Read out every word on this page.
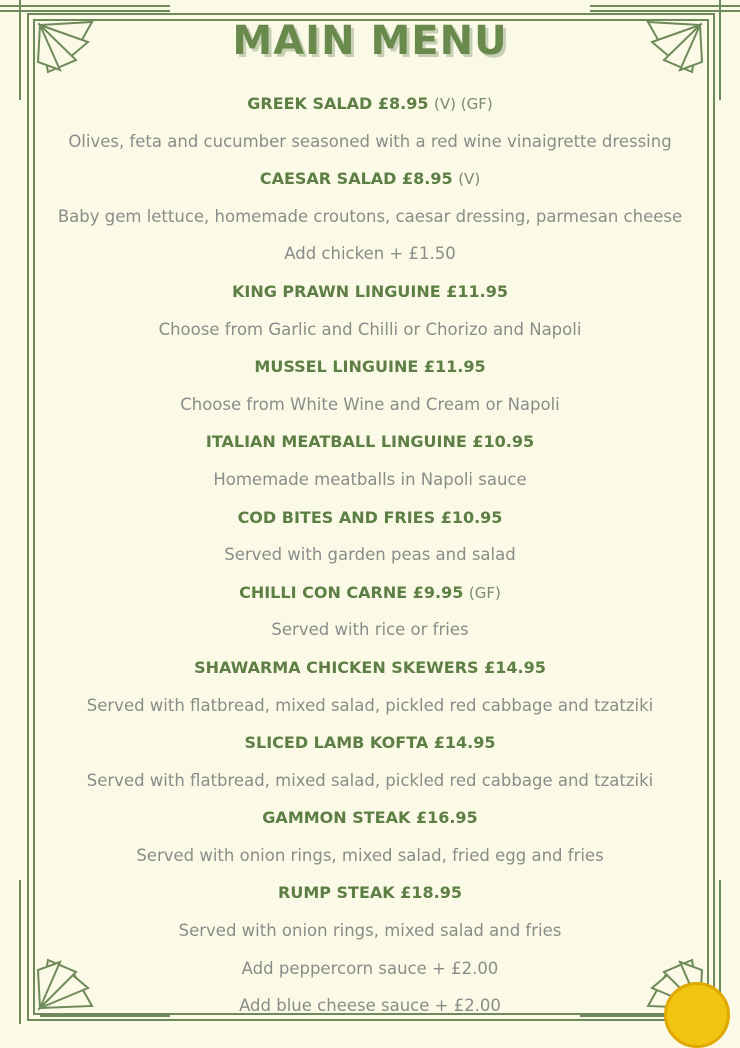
MAIN MENU
GREEK SALAD £8.95 (V) (GF)
Olives, feta and cucumber seasoned with a red wine vinaigrette dressing
CAESAR SALAD £8.95 (V)
Baby gem lettuce, homemade croutons, caesar dressing, parmesan cheese
Add chicken + £1.50
KING PRAWN LINGUINE £11.95
Choose from Garlic and Chilli or Chorizo and Napoli
MUSSEL LINGUINE £11.95
Choose from White Wine and Cream or Napoli
ITALIAN MEATBALL LINGUINE £10.95
Homemade meatballs in Napoli sauce
COD BITES AND FRIES £10.95
Served with garden peas and salad
CHILLI CON CARNE £9.95 (GF)
Served with rice or fries
SHAWARMA CHICKEN SKEWERS £14.95
Served with flatbread, mixed salad, pickled red cabbage and tzatziki
SLICED LAMB KOFTA £14.95
Served with flatbread, mixed salad, pickled red cabbage and tzatziki
GAMMON STEAK £16.95
Served with onion rings, mixed salad, fried egg and fries
RUMP STEAK £18.95
Served with onion rings, mixed salad and fries
Add peppercorn sauce + £2.00
Add blue cheese sauce + £2.00
